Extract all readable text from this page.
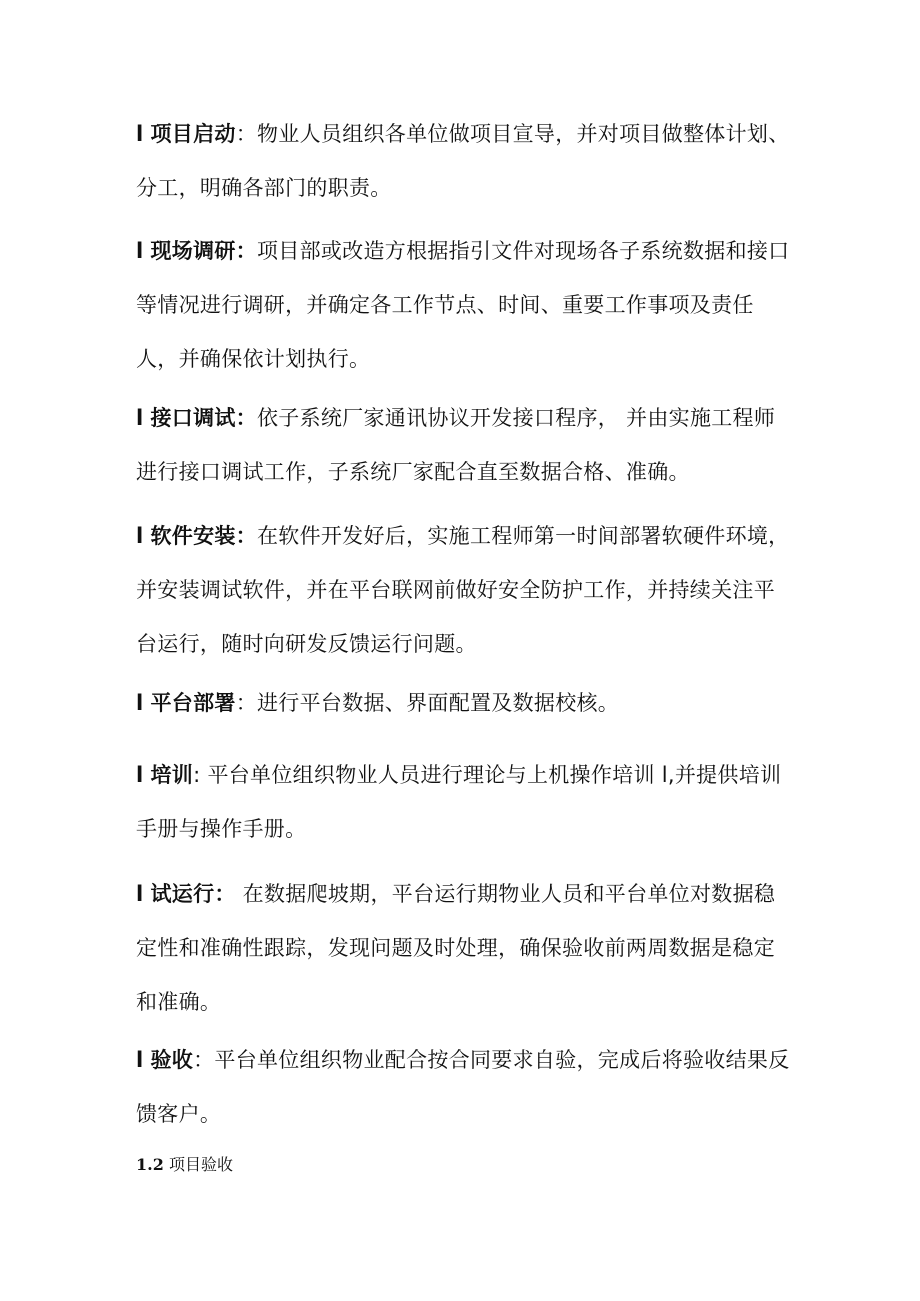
l 项目启动：物业人员组织各单位做项目宣导，并对项目做整体计划、分工，明确各部门的职责。
l 现场调研：项目部或改造方根据指引文件对现场各子系统数据和接口等情况进行调研，并确定各工作节点、时间、重要工作事项及责任人，并确保依计划执行。
l 接口调试：依子系统厂家通讯协议开发接口程序， 并由实施工程师进行接口调试工作，子系统厂家配合直至数据合格、准确。
l 软件安装：在软件开发好后，实施工程师第一时间部署软硬件环境，并安装调试软件，并在平台联网前做好安全防护工作，并持续关注平台运行，随时向研发反馈运行问题。
l 平台部署：进行平台数据、界面配置及数据校核。
l 培训: 平台单位组织物业人员进行理论与上机操作培训 l,并提供培训手册与操作手册。
l 试运行： 在数据爬坡期，平台运行期物业人员和平台单位对数据稳定性和准确性跟踪，发现问题及时处理，确保验收前两周数据是稳定和准确。
l 验收：平台单位组织物业配合按合同要求自验，完成后将验收结果反馈客户。
1.2 项目验收
